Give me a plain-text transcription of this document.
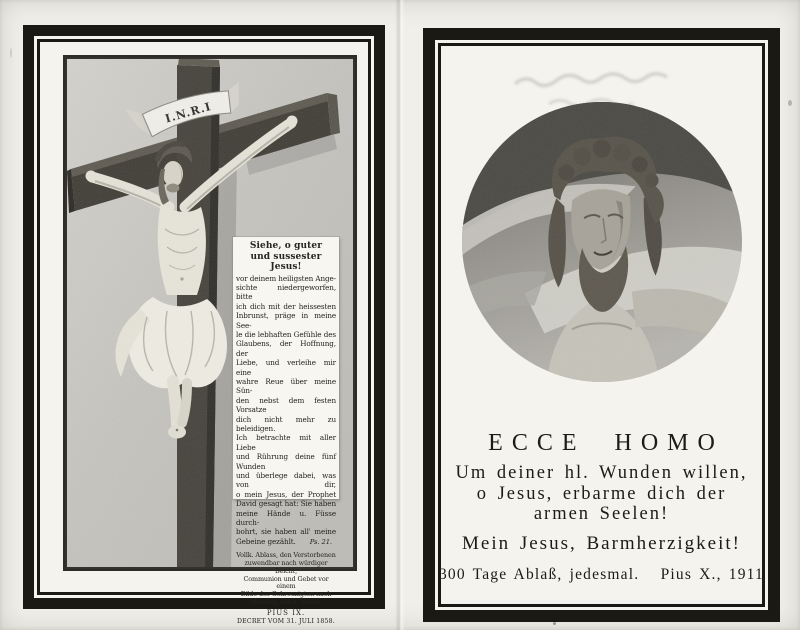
Siehe, o guter
und sussester Jesus!
vor deinem heiligsten Ange-
sichte niedergeworfen, bitte
ich dich mit der heissesten
Inbrunst, präge in meine See-
le die lebhaften Gefühle des
Glaubens, der Hoffnung, der
Liebe, und verleihe mir eine
wahre Reue über meine Sün-
den nebst dem festen Vorsatze
dich nicht mehr zu beleidigen.
Ich betrachte mit aller Liebe
und Rührung deine fünf Wunden
und überlege dabei, was von dir,
o mein Jesus, der Prophet
David gesagt hat: Sie haben
meine Hände u. Füsse durch-
bohrt, sie haben all' meine
Gebeine gezählt. Ps. 21.
Vollk. Ablass, den Verstorbenen
zuwendbar nach würdiger Beicht,
Communion und Gebet vor einem
Bilde des Gekreuzigten nach
Meinung des h. Vaters.
PIUS IX.
DECRET VOM 31. JULI 1858.
ECCE HOMO
Um deiner hl. Wunden willen,
o Jesus, erbarme dich der
armen Seelen!
Mein Jesus, Barmherzigkeit!
300 Tage Ablaß, jedesmal.   Pius X., 1911
